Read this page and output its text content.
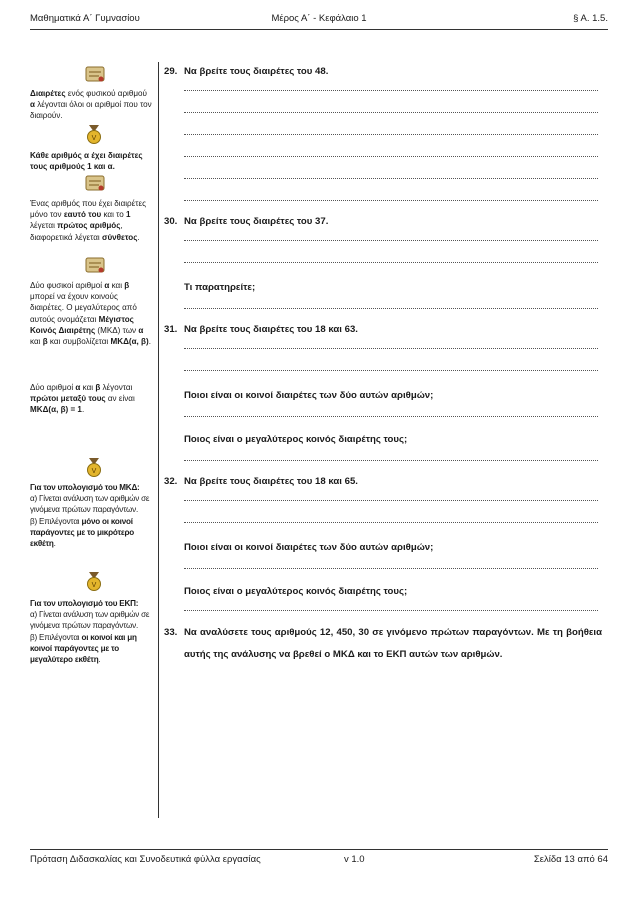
Μαθηματικά Α΄ Γυμνασίου	Μέρος Α΄ - Κεφάλαιο 1	§ Α. 1.5.
V
V
V

Διαιρέτες ενός φυσικού αριθμού α λέγονται όλοι οι αριθμοί που τον διαιρούν.

Κάθε αριθμός α έχει διαιρέτες τους αριθμούς 1 και α.

Ένας αριθμός που έχει διαιρέτες μόνο τον εαυτό του και το 1 λέγεται πρώτος αριθμός, διαφορετικά λέγεται σύνθετος.

Δύο φυσικοί αριθμοί α και β μπορεί να έχουν κοινούς διαιρέτες. Ο μεγαλύτερος από αυτούς ονομάζεται Μέγιστος Κοινός Διαιρέτης (ΜΚΔ) των α και β και συμβολίζεται ΜΚΔ(α, β).

Δύο αριθμοί α και β λέγονται πρώτοι μεταξύ τους αν είναι ΜΚΔ(α, β) = 1.

Για τον υπολογισμό του ΜΚΔ:

α) Γίνεται ανάλυση των αριθμών σε γινόμενα πρώτων παραγόντων.

β) Επιλέγονται μόνο οι κοινοί παράγοντες με το μικρότερο εκθέτη.

Για τον υπολογισμό του ΕΚΠ:

α) Γίνεται ανάλυση των αριθμών σε γινόμενα πρώτων παραγόντων.

β) Επιλέγονται οι κοινοί και μη κοινοί παράγοντες με το μεγαλύτερο εκθέτη.

29. Να βρείτε τους διαιρέτες του 48.
30. Να βρείτε τους διαιρέτες του 37.
Τι παρατηρείτε;
31. Να βρείτε τους διαιρέτες του 18 και 63.
Ποιοι είναι οι κοινοί διαιρέτες των δύο αυτών αριθμών;
Ποιος είναι ο μεγαλύτερος κοινός διαιρέτης τους;
32. Να βρείτε τους διαιρέτες του 18 και 65.
Ποιοι είναι οι κοινοί διαιρέτες των δύο αυτών αριθμών;
Ποιος είναι ο μεγαλύτερος κοινός διαιρέτης τους;
33. Να αναλύσετε τους αριθμούς 12, 450, 30 σε γινόμενο πρώτων παραγόντων. Με τη βοήθεια αυτής της ανάλυσης να βρεθεί ο ΜΚΔ και το ΕΚΠ αυτών των αριθμών.
Πρόταση Διδασκαλίας και Συνοδευτικά φύλλα εργασίας	v 1.0	Σελίδα 13 από 64
